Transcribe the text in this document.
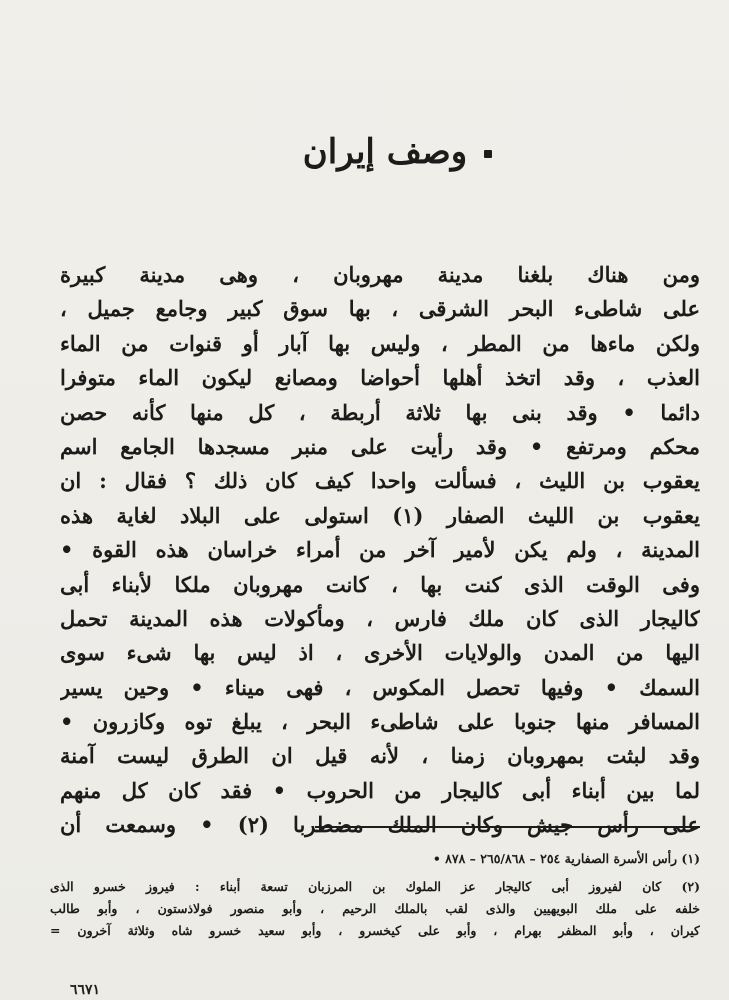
وصف إيران
ومن هناك بلغنا مدينة مهروبان ، وهى مدينة كبيرة
على شاطىء البحر الشرقى ، بها سوق كبير وجامع جميل ،
ولكن ماءها من المطر ، وليس بها آبار أو قنوات من الماء
العذب ، وقد اتخذ أهلها أحواضا ومصانع ليكون الماء متوفرا
دائما • وقد بنى بها ثلاثة أربطة ، كل منها كأنه حصن
محكم ومرتفع • وقد رأيت على منبر مسجدها الجامع اسم
يعقوب بن الليث ، فسألت واحدا كيف كان ذلك ؟ فقال : ان
يعقوب بن الليث الصفار (١) استولى على البلاد لغاية هذه
المدينة ، ولم يكن لأمير آخر من أمراء خراسان هذه القوة •
وفى الوقت الذى كنت بها ، كانت مهروبان ملكا لأبناء أبى
كاليجار الذى كان ملك فارس ، ومأكولات هذه المدينة تحمل
اليها من المدن والولايات الأخرى ، اذ ليس بها شىء سوى
السمك • وفيها تحصل المكوس ، فهى ميناء • وحين يسير
المسافر منها جنوبا على شاطىء البحر ، يبلغ توه وكازرون •
وقد لبثت بمهروبان زمنا ، لأنه قيل ان الطرق ليست آمنة
لما بين أبناء أبى كاليجار من الحروب • فقد كان كل منهم
على رأس جيش وكان الملك مضطربا (٢) • وسمعت أن
(١) رأس الأسرة الصفارية ٢٥٤ – ٢٦٥/٨٦٨ – ٨٧٨ •
(٢) كان لفيروز أبى كاليجار عز الملوك بن المرزبان تسعة أبناء : فيروز خسرو الذى
خلفه على ملك البويهيين والذى لقب بالملك الرحيم ، وأبو منصور فولاذستون ، وأبو طالب
كيران ، وأبو المظفر بهرام ، وأبو على كيخسرو ، وأبو سعيد خسرو شاه وثلاثة آخرون =
٦٦٧١
